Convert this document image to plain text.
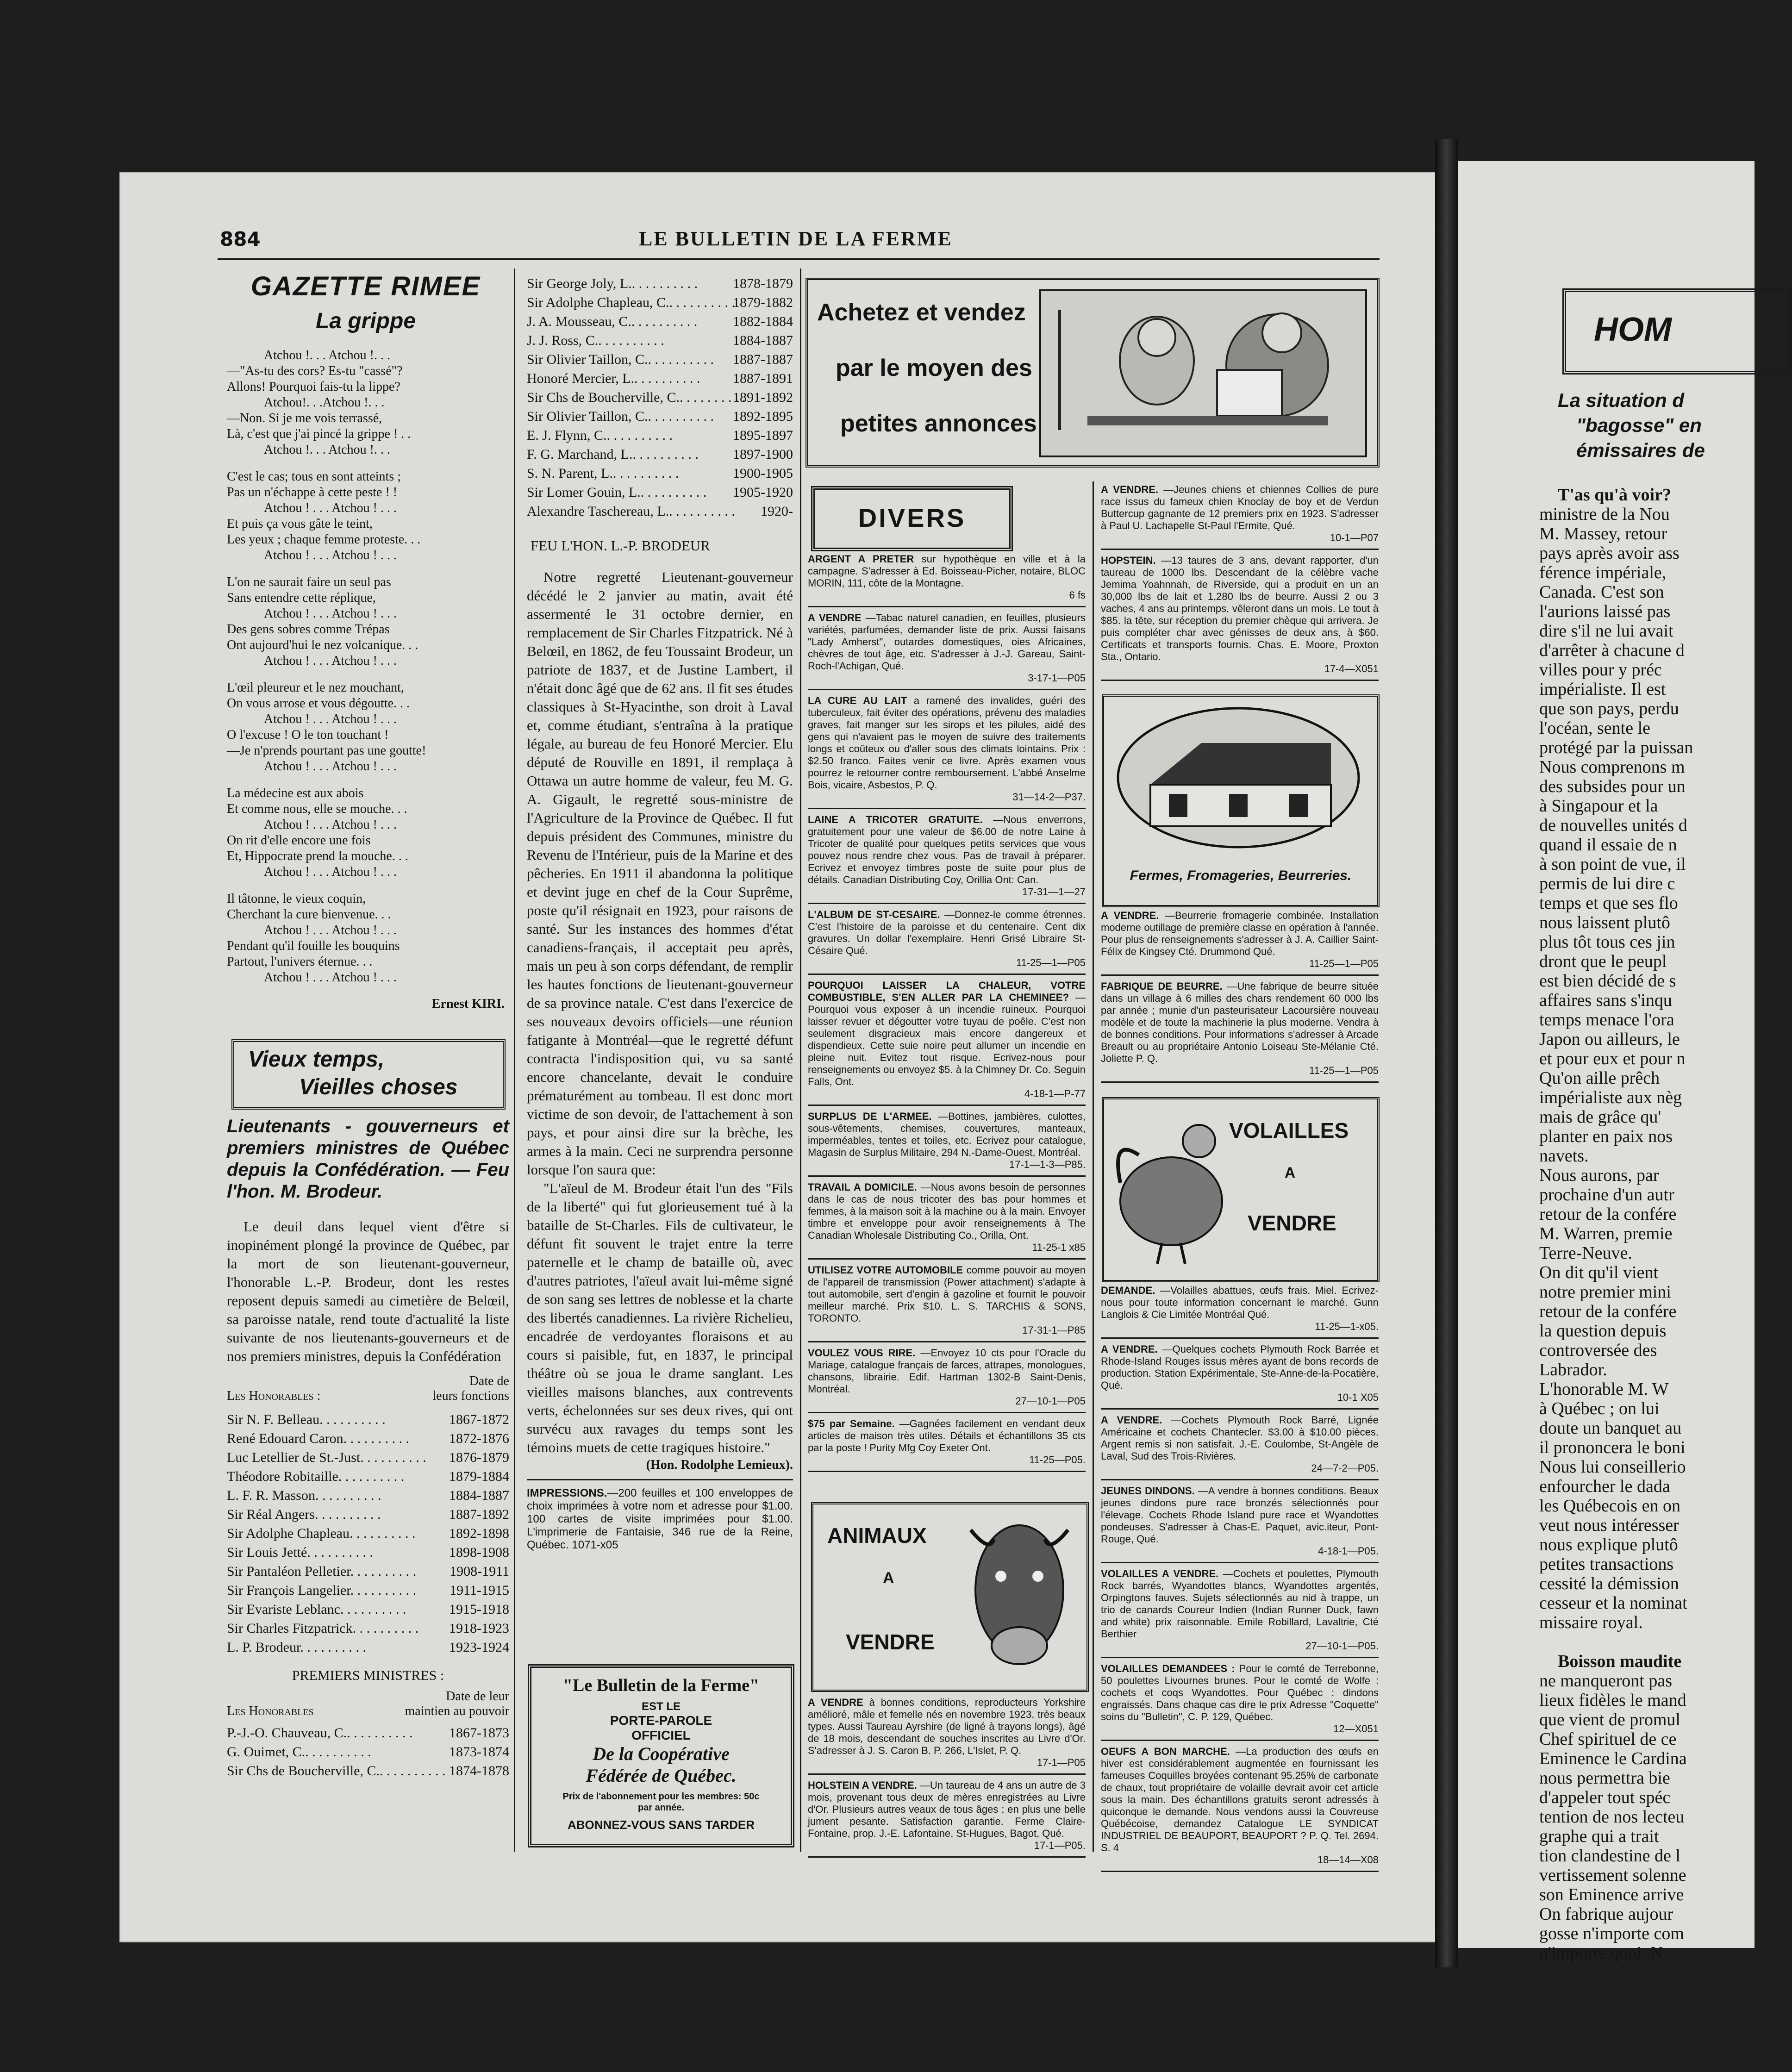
884	LE BULLETIN DE LA FERME
GAZETTE RIMEE
La grippe

Atchou !. . . Atchou !. . .

—"As-tu des cors? Es-tu "cassé"?

Allons! Pourquoi fais-tu la lippe?

Atchou!. . .Atchou !. . .

—Non. Si je me vois terrassé,

Là, c'est que j'ai pincé la grippe ! . .

Atchou !. . . Atchou !. . .

C'est le cas; tous en sont atteints ;

Pas un n'échappe à cette peste ! !

Atchou ! . . . Atchou ! . . .

Et puis ça vous gâte le teint,

Les yeux ; chaque femme proteste. . .

Atchou ! . . . Atchou ! . . .

L'on ne saurait faire un seul pas

Sans entendre cette réplique,

Atchou ! . . . Atchou ! . . .

Des gens sobres comme Trépas

Ont aujourd'hui le nez volcanique. . .

Atchou ! . . . Atchou ! . . .

L'œil pleureur et le nez mouchant,

On vous arrose et vous dégoutte. . .

Atchou ! . . . Atchou ! . . .

O l'excuse ! O le ton touchant !

—Je n'prends pourtant pas une goutte!

Atchou ! . . . Atchou ! . . .

La médecine est aux abois

Et comme nous, elle se mouche. . .

Atchou ! . . . Atchou ! . . .

On rit d'elle encore une fois

Et, Hippocrate prend la mouche. . .

Atchou ! . . . Atchou ! . . .

Il tâtonne, le vieux coquin,

Cherchant la cure bienvenue. . .

Atchou ! . . . Atchou ! . . .

Pendant qu'il fouille les bouquins

Partout, l'univers éternue. . .

Atchou ! . . . Atchou ! . . .

Ernest KIRI.
Vieux temps,
Vieilles choses
Lieutenants - gouverneurs et premiers ministres de Québec depuis la Confédération. — Feu l'hon. M. Brodeur.

Le deuil dans lequel vient d'être si inopinément plongé la province de Québec, par la mort de son lieutenant-gouverneur, l'honorable L.-P. Brodeur, dont les restes reposent depuis samedi au cimetière de Belœil, sa paroisse natale, rend toute d'actualité la liste suivante de nos lieutenants-gouverneurs et de nos premiers ministres, depuis la Confédération

Date de
Les Honorables :	leurs fonctions
Sir N. F. Belleau. . . . . . . . . .	1867-1872
René Edouard Caron. . . . . . . . . .	1872-1876
Luc Letellier de St.-Just. . . . . . . . . .	1876-1879
Théodore Robitaille. . . . . . . . . .	1879-1884
L. F. R. Masson. . . . . . . . . .	1884-1887
Sir Réal Angers. . . . . . . . . .	1887-1892
Sir Adolphe Chapleau. . . . . . . . . .	1892-1898
Sir Louis Jetté. . . . . . . . . .	1898-1908
Sir Pantaléon Pelletier. . . . . . . . . .	1908-1911
Sir François Langelier. . . . . . . . . .	1911-1915
Sir Evariste Leblanc. . . . . . . . . .	1915-1918
Sir Charles Fitzpatrick. . . . . . . . . .	1918-1923
L. P. Brodeur. . . . . . . . . .	1923-1924
PREMIERS MINISTRES :
Date de leur
Les Honorables	maintien au pouvoir
P.-J.-O. Chauveau, C.. . . . . . . . . .	1867-1873
G. Ouimet, C.. . . . . . . . . .	1873-1874
Sir Chs de Boucherville, C.. . . . . . . . . .	1874-1878
Sir George Joly, L.. . . . . . . . . .	1878-1879
Sir Adolphe Chapleau, C.. . . . . . . . . .	1879-1882
J. A. Mousseau, C.. . . . . . . . . .	1882-1884
J. J. Ross, C.. . . . . . . . . .	1884-1887
Sir Olivier Taillon, C.. . . . . . . . . .	1887-1887
Honoré Mercier, L.. . . . . . . . . .	1887-1891
Sir Chs de Boucherville, C.. . . . . . . . . .	1891-1892
Sir Olivier Taillon, C.. . . . . . . . . .	1892-1895
E. J. Flynn, C.. . . . . . . . . .	1895-1897
F. G. Marchand, L.. . . . . . . . . .	1897-1900
S. N. Parent, L.. . . . . . . . . .	1900-1905
Sir Lomer Gouin, L.. . . . . . . . . .	1905-1920
Alexandre Taschereau, L.. . . . . . . . . .	1920-
FEU L'HON. L.-P. BRODEUR

Notre regretté Lieutenant-gouverneur décédé le 2 janvier au matin, avait été assermenté le 31 octobre dernier, en remplacement de Sir Charles Fitzpatrick. Né à Belœil, en 1862, de feu Toussaint Brodeur, un patriote de 1837, et de Justine Lambert, il n'était donc âgé que de 62 ans. Il fit ses études classiques à St-Hyacinthe, son droit à Laval et, comme étudiant, s'entraîna à la pratique légale, au bureau de feu Honoré Mercier. Elu député de Rouville en 1891, il remplaça à Ottawa un autre homme de valeur, feu M. G. A. Gigault, le regretté sous-ministre de l'Agriculture de la Province de Québec. Il fut depuis président des Communes, ministre du Revenu de l'Intérieur, puis de la Marine et des pêcheries. En 1911 il abandonna la politique et devint juge en chef de la Cour Suprême, poste qu'il résignait en 1923, pour raisons de santé. Sur les instances des hommes d'état canadiens-français, il acceptait peu après, mais un peu à son corps défendant, de remplir les hautes fonctions de lieutenant-gouverneur de sa province natale. C'est dans l'exercice de ses nouveaux devoirs officiels—une réunion fatigante à Montréal—que le regretté défunt contracta l'indisposition qui, vu sa santé encore chancelante, devait le conduire prématurément au tombeau. Il est donc mort victime de son devoir, de l'attachement à son pays, et pour ainsi dire sur la brèche, les armes à la main. Ceci ne surprendra personne lorsque l'on saura que:

"L'aïeul de M. Brodeur était l'un des "Fils de la liberté" qui fut glorieusement tué à la bataille de St-Charles. Fils de cultivateur, le défunt fit souvent le trajet entre la terre paternelle et le champ de bataille où, avec d'autres patriotes, l'aïeul avait lui-même signé de son sang ses lettres de noblesse et la charte des libertés canadiennes. La rivière Richelieu, encadrée de verdoyantes floraisons et au cours si paisible, fut, en 1837, le principal théâtre où se joua le drame sanglant. Les vieilles maisons blanches, aux contrevents verts, échelonnées sur ses deux rives, qui ont survécu aux ravages du temps sont les témoins muets de cette tragiques histoire."

(Hon. Rodolphe Lemieux).
IMPRESSIONS.—200 feuilles et 100 enveloppes de choix imprimées à votre nom et adresse pour $1.00. 100 cartes de visite imprimées pour $1.00. L'imprimerie de Fantaisie, 346 rue de la Reine, Québec. 1071-x05
"Le Bulletin de la Ferme"
EST LE
PORTE-PAROLE
OFFICIEL
De la Coopérative
Fédérée de Québec.
Prix de l'abonnement pour les membres: 50c par année.
ABONNEZ-VOUS SANS TARDER
Achetez et vendez
par le moyen des
petites annonces
DIVERS
ARGENT A PRETER sur hypothèque en ville et à la campagne. S'adresser à Ed. Boisseau-Picher, notaire, BLOC MORIN, 111, côte de la Montagne.
6 fs
A VENDRE —Tabac naturel canadien, en feuilles, plusieurs variétés, parfumées, demander liste de prix. Aussi faisans "Lady Amherst", outardes domestiques, oies Africaines, chèvres de tout âge, etc. S'adresser à J.-J. Gareau, Saint-Roch-l'Achigan, Qué.
3-17-1—P05
LA CURE AU LAIT a ramené des invalides, guéri des tuberculeux, fait éviter des opérations, prévenu des maladies graves, fait manger sur les sirops et les pilules, aidé des gens qui n'avaient pas le moyen de suivre des traitements longs et coûteux ou d'aller sous des climats lointains. Prix : $2.50 franco. Faites venir ce livre. Après examen vous pourrez le retourner contre remboursement. L'abbé Anselme Bois, vicaire, Asbestos, P. Q.
31—14-2—P37.
LAINE A TRICOTER GRATUITE. —Nous enverrons, gratuitement pour une valeur de $6.00 de notre Laine à Tricoter de qualité pour quelques petits services que vous pouvez nous rendre chez vous. Pas de travail à préparer. Ecrivez et envoyez timbres poste de suite pour plus de détails. Canadian Distributing Coy, Orillia Ont: Can.
17-31—1—27
L'ALBUM DE ST-CESAIRE. —Donnez-le comme étrennes. C'est l'histoire de la paroisse et du centenaire. Cent dix gravures. Un dollar l'exemplaire. Henri Grisé Libraire St-Césaire Qué.
11-25—1—P05
POURQUOI LAISSER LA CHALEUR, VOTRE COMBUSTIBLE, S'EN ALLER PAR LA CHEMINEE? —Pourquoi vous exposer à un incendie ruineux. Pourquoi laisser revuer et dégoutter votre tuyau de poêle. C'est non seulement disgracieux mais encore dangereux et dispendieux. Cette suie noire peut allumer un incendie en pleine nuit. Evitez tout risque. Ecrivez-nous pour renseignements ou envoyez $5. à la Chimney Dr. Co. Seguin Falls, Ont.
4-18-1—P-77
SURPLUS DE L'ARMEE. —Bottines, jambières, culottes, sous-vêtements, chemises, couvertures, manteaux, imperméables, tentes et toiles, etc. Ecrivez pour catalogue, Magasin de Surplus Militaire, 294 N.-Dame-Ouest, Montréal.
17-1—1-3—P85.
TRAVAIL A DOMICILE. —Nous avons besoin de personnes dans le cas de nous tricoter des bas pour hommes et femmes, à la maison soit à la machine ou à la main. Envoyer timbre et enveloppe pour avoir renseignements à The Canadian Wholesale Distributing Co., Orilla, Ont.
11-25-1 x85
UTILISEZ VOTRE AUTOMOBILE comme pouvoir au moyen de l'appareil de transmission (Power attachment) s'adapte à tout automobile, sert d'engin à gazoline et fournit le pouvoir meilleur marché. Prix $10. L. S. TARCHIS & SONS, TORONTO.
17-31-1—P85
VOULEZ VOUS RIRE. —Envoyez 10 cts pour l'Oracle du Mariage, catalogue français de farces, attrapes, monologues, chansons, librairie. Edif. Hartman 1302-B Saint-Denis, Montréal.
27—10-1—P05
$75 par Semaine. —Gagnées facilement en vendant deux articles de maison très utiles. Détails et échantillons 35 cts par la poste ! Purity Mfg Coy Exeter Ont.
11-25—P05.
ANIMAUX
A
VENDRE
A VENDRE à bonnes conditions, reproducteurs Yorkshire amélioré, mâle et femelle nés en novembre 1923, très beaux types. Aussi Taureau Ayrshire (de ligné à trayons longs), âgé de 18 mois, descendant de souches inscrites au Livre d'Or. S'adresser à J. S. Caron B. P. 266, L'Islet, P. Q.
17-1—P05
HOLSTEIN A VENDRE. —Un taureau de 4 ans un autre de 3 mois, provenant tous deux de mères enregistrées au Livre d'Or. Plusieurs autres veaux de tous âges ; en plus une belle jument pesante. Satisfaction garantie. Ferme Claire-Fontaine, prop. J.-E. Lafontaine, St-Hugues, Bagot, Qué.
17-1—P05.
A VENDRE. —Jeunes chiens et chiennes Collies de pure race issus du fameux chien Knoclay de boy et de Verdun Buttercup gagnante de 12 premiers prix en 1923. S'adresser à Paul U. Lachapelle St-Paul l'Ermite, Qué.
10-1—P07
HOPSTEIN. —13 taures de 3 ans, devant rapporter, d'un taureau de 1000 lbs. Descendant de la célèbre vache Jemima Yoahnnah, de Riverside, qui a produit en un an 30,000 lbs de lait et 1,280 lbs de beurre. Aussi 2 ou 3 vaches, 4 ans au printemps, vêleront dans un mois. Le tout à $85. la tête, sur réception du premier chèque qui arrivera. Je puis compléter char avec génisses de deux ans, à $60. Certificats et transports fournis. Chas. E. Moore, Proxton Sta., Ontario.
17-4—X051
Fermes, Fromageries, Beurreries.
A VENDRE. —Beurrerie fromagerie combinée. Installation moderne outillage de première classe en opération à l'année. Pour plus de renseignements s'adresser à J. A. Caillier Saint-Félix de Kingsey Cté. Drummond Qué.
11-25—1—P05
FABRIQUE DE BEURRE. —Une fabrique de beurre située dans un village à 6 milles des chars rendement 60 000 lbs par année ; munie d'un pasteurisateur Lacoursière nouveau modèle et de toute la machinerie la plus moderne. Vendra à de bonnes conditions. Pour informations s'adresser à Arcade Breault ou au propriétaire Antonio Loiseau Ste-Mélanie Cté. Joliette P. Q.
11-25—1—P05
VOLAILLES
A
VENDRE
DEMANDE. —Volailles abattues, œufs frais. Miel. Ecrivez-nous pour toute information concernant le marché. Gunn Langlois & Cie Limitée Montréal Qué.
11-25—1-x05.
A VENDRE. —Quelques cochets Plymouth Rock Barrée et Rhode-Island Rouges issus mères ayant de bons records de production. Station Expérimentale, Ste-Anne-de-la-Pocatière, Qué.
10-1 X05
A VENDRE. —Cochets Plymouth Rock Barré, Lignée Américaine et cochets Chantecler. $3.00 à $10.00 pièces. Argent remis si non satisfait. J.-E. Coulombe, St-Angèle de Laval, Sud des Trois-Rivières.
24—7-2—P05.
JEUNES DINDONS. —A vendre à bonnes conditions. Beaux jeunes dindons pure race bronzés sélectionnés pour l'élevage. Cochets Rhode Island pure race et Wyandottes pondeuses. S'adresser à Chas-E. Paquet, avic.iteur, Pont-Rouge, Qué.
4-18-1—P05.
VOLAILLES A VENDRE. —Cochets et poulettes, Plymouth Rock barrés, Wyandottes blancs, Wyandottes argentés, Orpingtons fauves. Sujets sélectionnés au nid à trappe, un trio de canards Coureur Indien (Indian Runner Duck, fawn and white) prix raisonnable. Emile Robillard, Lavaltrie, Cté Berthier
27—10-1—P05.
VOLAILLES DEMANDEES : Pour le comté de Terrebonne, 50 poulettes Livournes brunes. Pour le comté de Wolfe : cochets et coqs Wyandottes. Pour Québec : dindons engraissés. Dans chaque cas dire le prix Adresse "Coquette" soins du "Bulletin", C. P. 129, Québec.
12—X051
OEUFS A BON MARCHE. —La production des œufs en hiver est considérablement augmentée en fournissant les fameuses Coquilles broyées contenant 95.25% de carbonate de chaux, tout propriétaire de volaille devrait avoir cet article sous la main. Des échantillons gratuits seront adressés à quiconque le demande. Nous vendons aussi la Couvreuse Québécoise, demandez Catalogue LE SYNDICAT INDUSTRIEL DE BEAUPORT, BEAUPORT ? P. Q. Tel. 2694. S. 4
18—14—X08
HOM
La situation d
"bagosse" en
émissaires de
T'as qu'à voir?
ministre de la Nou
M. Massey, retour
pays après avoir ass
férence impériale,
Canada. C'est son
l'aurions laissé pas
dire s'il ne lui avait
d'arrêter à chacune d
villes pour y préc
impérialiste. Il est
que son pays, perdu
l'océan, sente le
protégé par la puissan
Nous comprenons m
des subsides pour un
à Singapour et la
de nouvelles unités d
quand il essaie de n
à son point de vue, il
permis de lui dire c
temps et que ses flo
nous laissent plutô
plus tôt tous ces jin
dront que le peupl
est bien décidé de s
affaires sans s'inqu
temps menace l'ora
Japon ou ailleurs, le
et pour eux et pour n
Qu'on aille prêch
impérialiste aux nèg
mais de grâce qu'
planter en paix nos
navets.
Nous aurons, par
prochaine d'un autr
retour de la confére
M. Warren, premie
Terre-Neuve.
On dit qu'il vient
notre premier mini
retour de la confére
la question depuis
controversée des
Labrador.
L'honorable M. W
à Québec ; on lui
doute un banquet au
il prononcera le boni
Nous lui conseillerio
enfourcher le dada
les Québecois en on
veut nous intéresser
nous explique plutô
petites transactions
cessité la démission
cesseur et la nominat
missaire royal.
Boisson maudite
ne manqueront pas
lieux fidèles le mand
que vient de promul
Chef spirituel de ce
Eminence le Cardina
nous permettra bie
d'appeler tout spéc
tention de nos lecteu
graphe qui a trait
tion clandestine de l
vertissement solenne
son Eminence arrive
On fabrique aujour
gosse n'importe com
n'importe quoi. N
